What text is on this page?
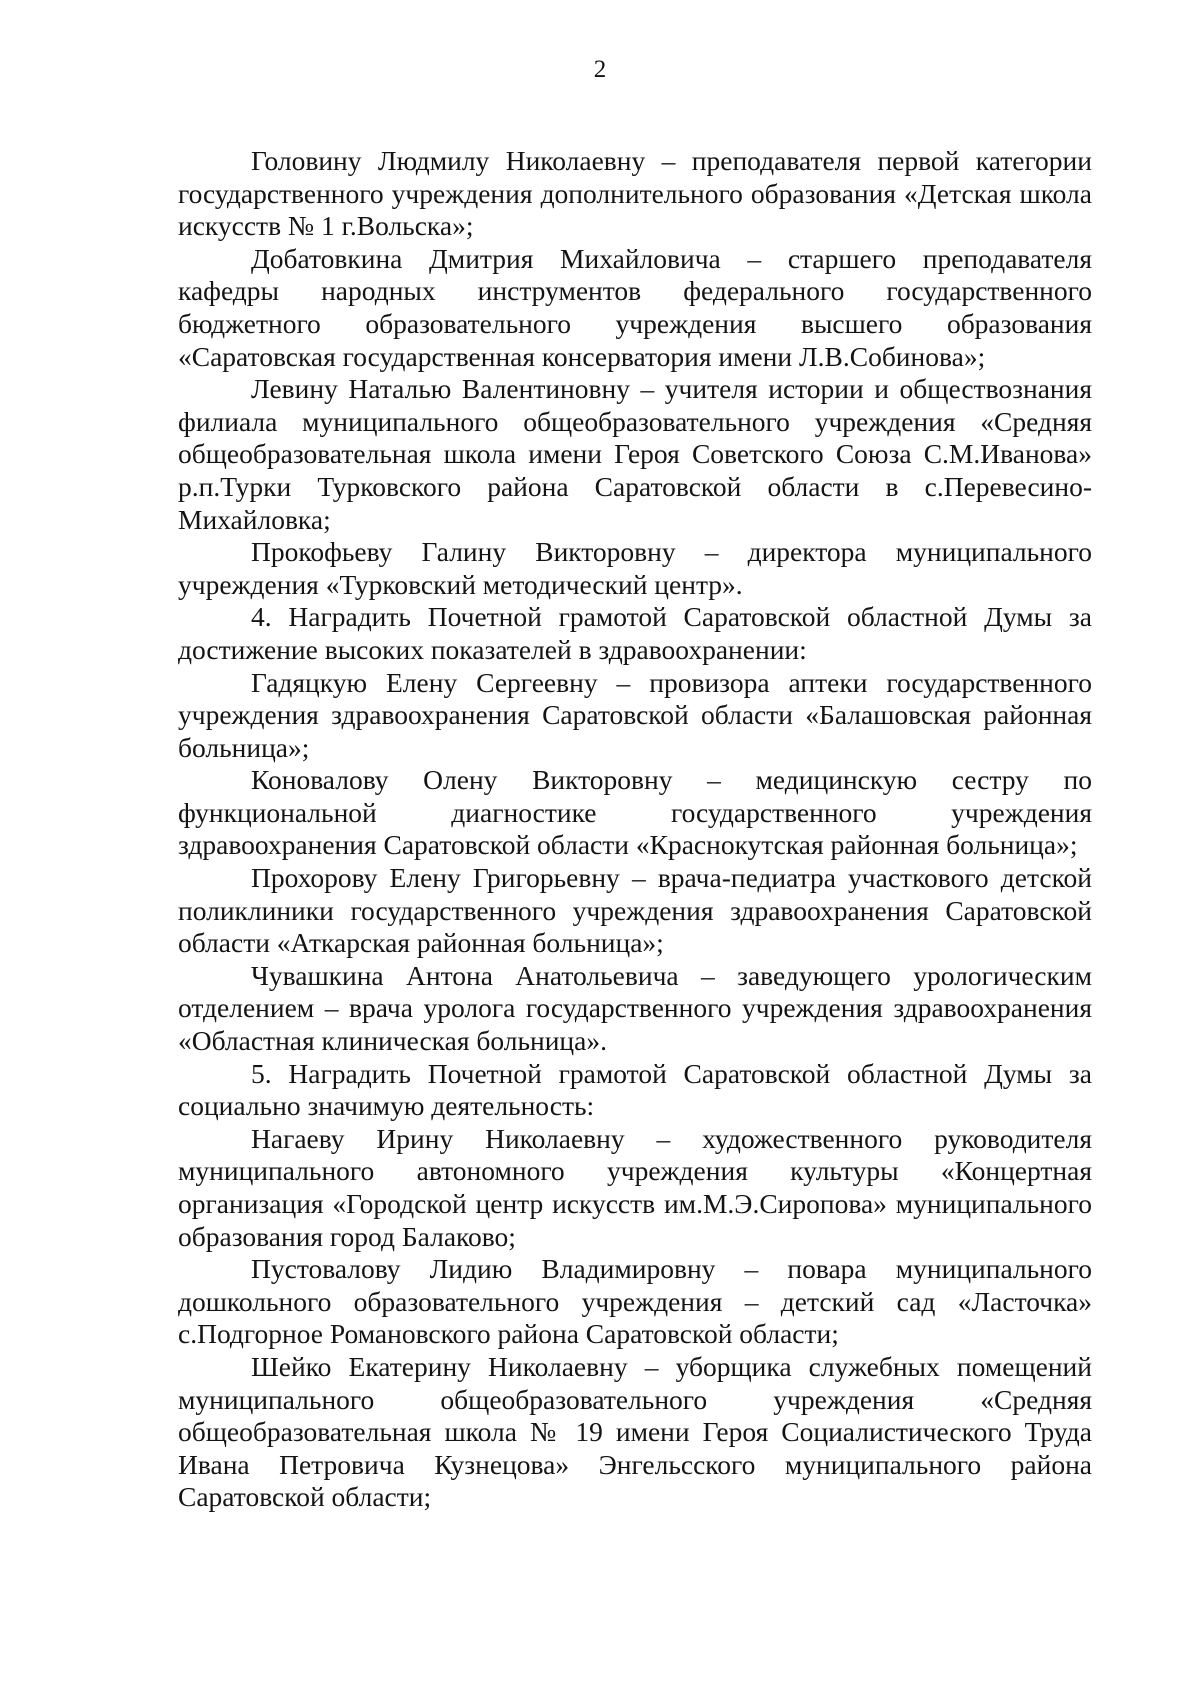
2

Головину Людмилу Николаевну – преподавателя первой категории государственного учреждения дополнительного образования «Детская школа искусств № 1 г.Вольска»;

Добатовкина Дмитрия Михайловича – старшего преподавателя кафедры народных инструментов федерального государственного бюджетного образовательного учреждения высшего образования «Саратовская государственная консерватория имени Л.В.Собинова»;

Левину Наталью Валентиновну – учителя истории и обществознания филиала муниципального общеобразовательного учреждения «Средняя общеобразовательная школа имени Героя Советского Союза С.М.Иванова» р.п.Турки Турковского района Саратовской области в с.Перевесино-Михайловка;

Прокофьеву Галину Викторовну – директора муниципального учреждения «Турковский методический центр».

4. Наградить Почетной грамотой Саратовской областной Думы за достижение высоких показателей в здравоохранении:

Гадяцкую Елену Сергеевну – провизора аптеки государственного учреждения здравоохранения Саратовской области «Балашовская районная больница»;

Коновалову Олену Викторовну – медицинскую сестру по функциональной диагностике государственного учреждения здравоохранения Саратовской области «Краснокутская районная больница»;

Прохорову Елену Григорьевну – врача-педиатра участкового детской поликлиники государственного учреждения здравоохранения Саратовской области «Аткарская районная больница»;

Чувашкина Антона Анатольевича – заведующего урологическим отделением – врача уролога государственного учреждения здравоохранения «Областная клиническая больница».

5. Наградить Почетной грамотой Саратовской областной Думы за социально значимую деятельность:

Нагаеву Ирину Николаевну – художественного руководителя муниципального автономного учреждения культуры «Концертная организация «Городской центр искусств им.М.Э.Сиропова» муниципального образования город Балаково;

Пустовалову Лидию Владимировну – повара муниципального дошкольного образовательного учреждения – детский сад «Ласточка» с.Подгорное Романовского района Саратовской области;

Шейко Екатерину Николаевну – уборщика служебных помещений муниципального общеобразовательного учреждения «Средняя общеобразовательная школа № 19 имени Героя Социалистического Труда Ивана Петровича Кузнецова» Энгельсского муниципального района Саратовской области;
